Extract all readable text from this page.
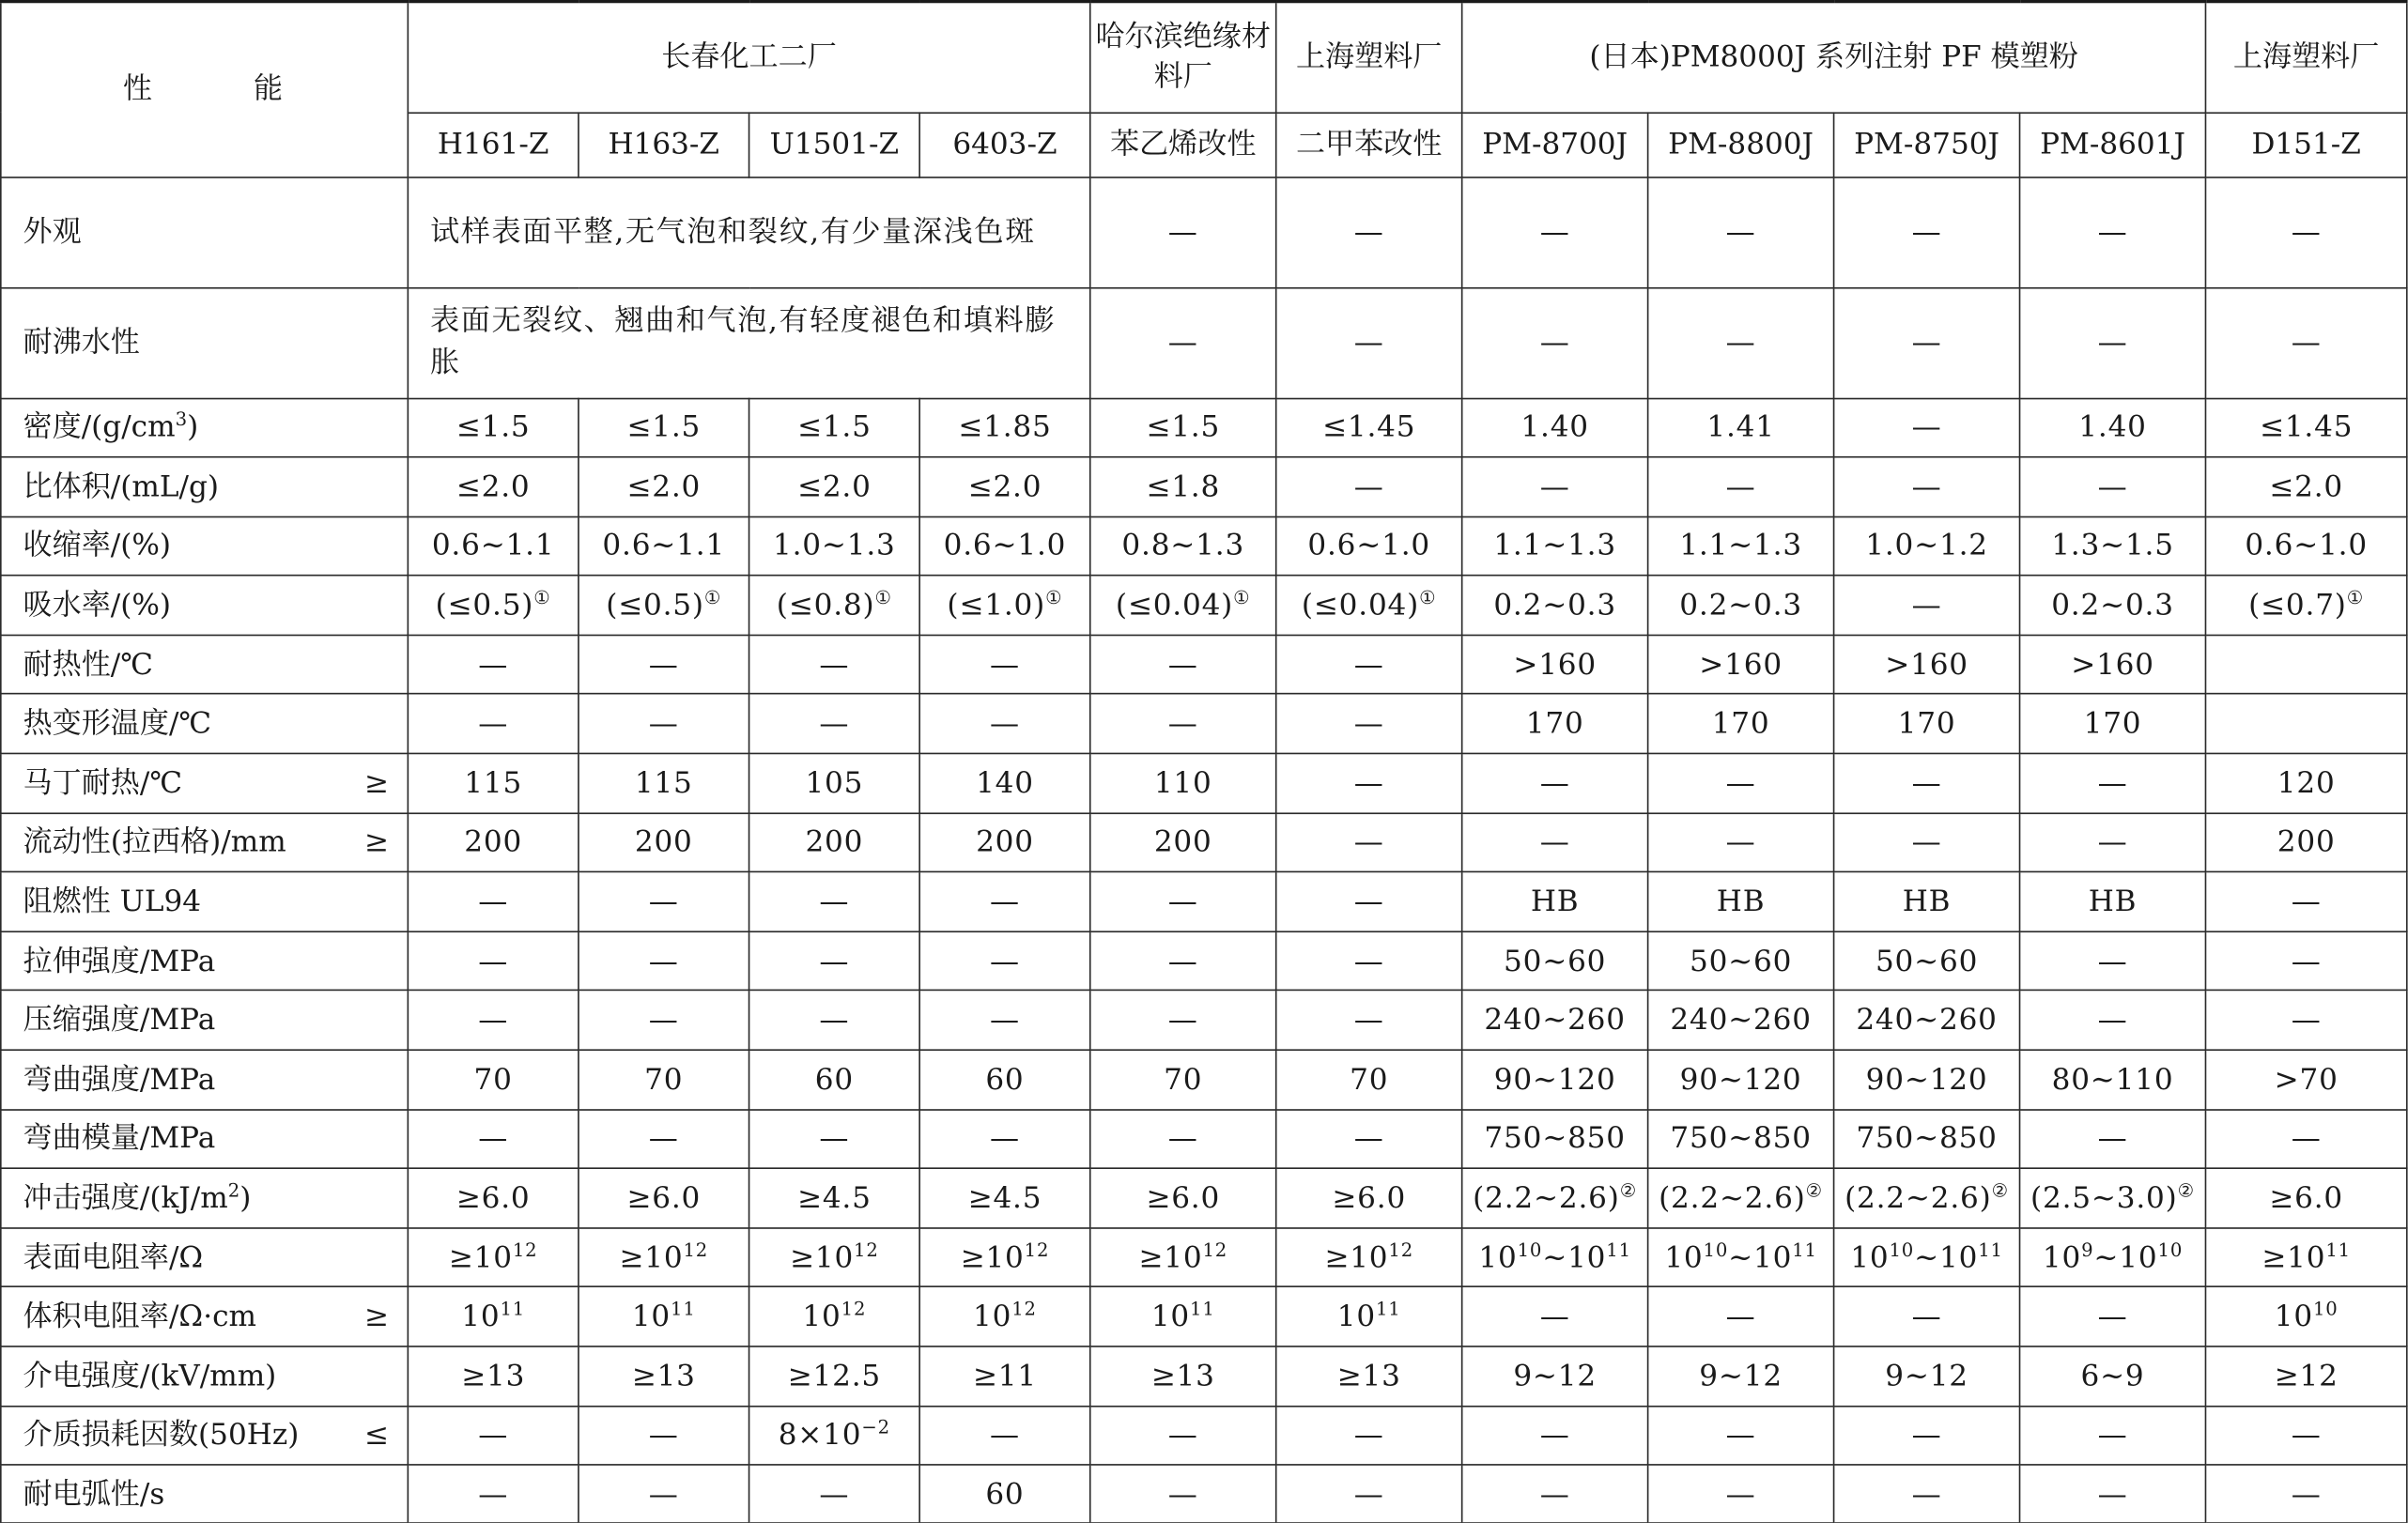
性 能	长春化工二厂				哈尔滨绝缘材料厂	上海塑料厂	(日本)PM8000J 系列注射 PF 模塑粉				上海塑料厂
	H161-Z	H163-Z	U1501-Z	6403-Z	苯乙烯改性	二甲苯改性	PM-8700J	PM-8800J	PM-8750J	PM-8601J	D151-Z
外观	试样表面平整,无气泡和裂纹,有少量深浅色斑				—	—	—	—	—	—	—
耐沸水性	表面无裂纹、翘曲和气泡,有轻度褪色和填料膨胀				—	—	—	—	—	—	—
密度$/(g/cm^3)$	≤1.5	≤1.5	≤1.5	≤1.85	≤1.5	≤1.45	1.40	1.41	—	1.40	≤1.45
比体积/(mL/g)	≤2.0	≤2.0	≤2.0	≤2.0	≤1.8	—	—	—	—	—	≤2.0
收缩率/(%)	0.6~1.1	0.6~1.1	1.0~1.3	0.6~1.0	0.8~1.3	0.6~1.0	1.1~1.3	1.1~1.3	1.0~1.2	1.3~1.5	0.6~1.0
吸水率/(%)	(≤0.5)①	(≤0.5)①	(≤0.8)①	(≤1.0)①	(≤0.04)①	(≤0.04)①	0.2~0.3	0.2~0.3	—	0.2~0.3	(≤0.7)①
耐热性/℃	—	—	—	—	—	—	>160	>160	>160	>160	
热变形温度/℃	—	—	—	—	—	—	170	170	170	170	
马丁耐热/℃ ≥	115	115	105	140	110	—	—	—	—	—	120
流动性(拉西格)/mm ≥	200	200	200	200	200	—	—	—	—	—	200
阻燃性 UL94	—	—	—	—	—	—	HB	HB	HB	HB	—
拉伸强度/MPa	—	—	—	—	—	—	50~60	50~60	50~60	—	—
压缩强度/MPa	—	—	—	—	—	—	240~260	240~260	240~260	—	—
弯曲强度/MPa	70	70	60	60	70	70	90~120	90~120	90~120	80~110	>70
弯曲模量/MPa	—	—	—	—	—	—	750~850	750~850	750~850	—	—
冲击强度$/(kJ/m^2)$	≥6.0	≥6.0	≥4.5	≥4.5	≥6.0	≥6.0	(2.2~2.6)②	(2.2~2.6)②	(2.2~2.6)②	(2.5~3.0)②	≥6.0
表面电阻率/Ω	$\ge 10^{12}$	$\ge 10^{12}$	$\ge 10^{12}$	$\ge 10^{12}$	$\ge 10^{12}$	$\ge 10^{12}$	$10^{10}\sim 10^{11}$	$10^{10}\sim 10^{11}$	$10^{10}\sim 10^{11}$	$10^9\sim 10^{10}$	$\ge 10^{11}$
体积电阻率/Ω·cm ≥	$10^{11}$	$10^{11}$	$10^{12}$	$10^{12}$	$10^{11}$	$10^{11}$	—	—	—	—	$10^{10}$
介电强度/(kV/mm)	≥13	≥13	≥12.5	≥11	≥13	≥13	9~12	9~12	9~12	6~9	≥12
介质损耗因数(50Hz) ≤	—	—	$8\times 10^{-2}$	—	—	—	—	—	—	—	—
耐电弧性/s	—	—	—	60	—	—	—	—	—	—	—
